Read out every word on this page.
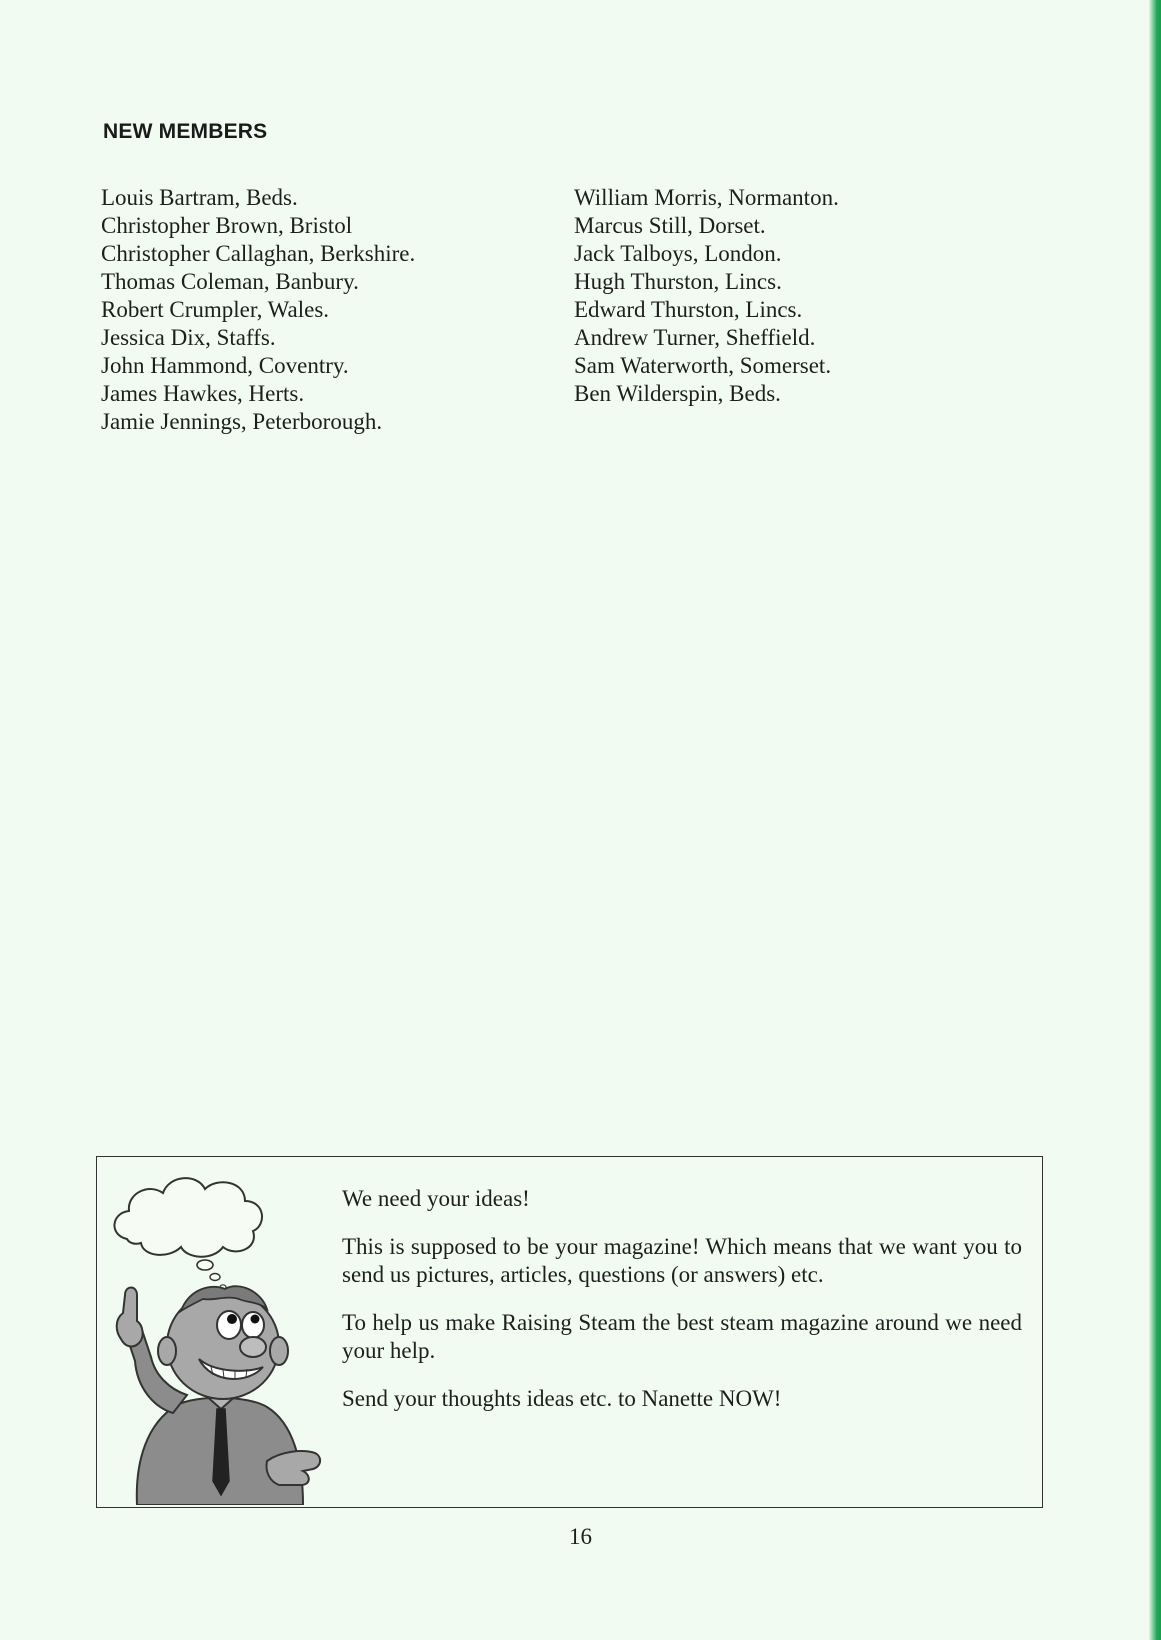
NEW MEMBERS
Louis Bartram, Beds.
Christopher Brown, Bristol
Christopher Callaghan, Berkshire.
Thomas Coleman, Banbury.
Robert Crumpler, Wales.
Jessica Dix, Staffs.
John Hammond, Coventry.
James Hawkes, Herts.
Jamie Jennings, Peterborough.
William Morris, Normanton.
Marcus Still, Dorset.
Jack Talboys, London.
Hugh Thurston, Lincs.
Edward Thurston, Lincs.
Andrew Turner, Sheffield.
Sam Waterworth, Somerset.
Ben Wilderspin, Beds.

We need your ideas!

This is supposed to be your magazine! Which means that we want you to send us pictures, articles, questions (or answers) etc.

To help us make Raising Steam the best steam magazine around we need your help.

Send your thoughts ideas etc. to Nanette NOW!

16
